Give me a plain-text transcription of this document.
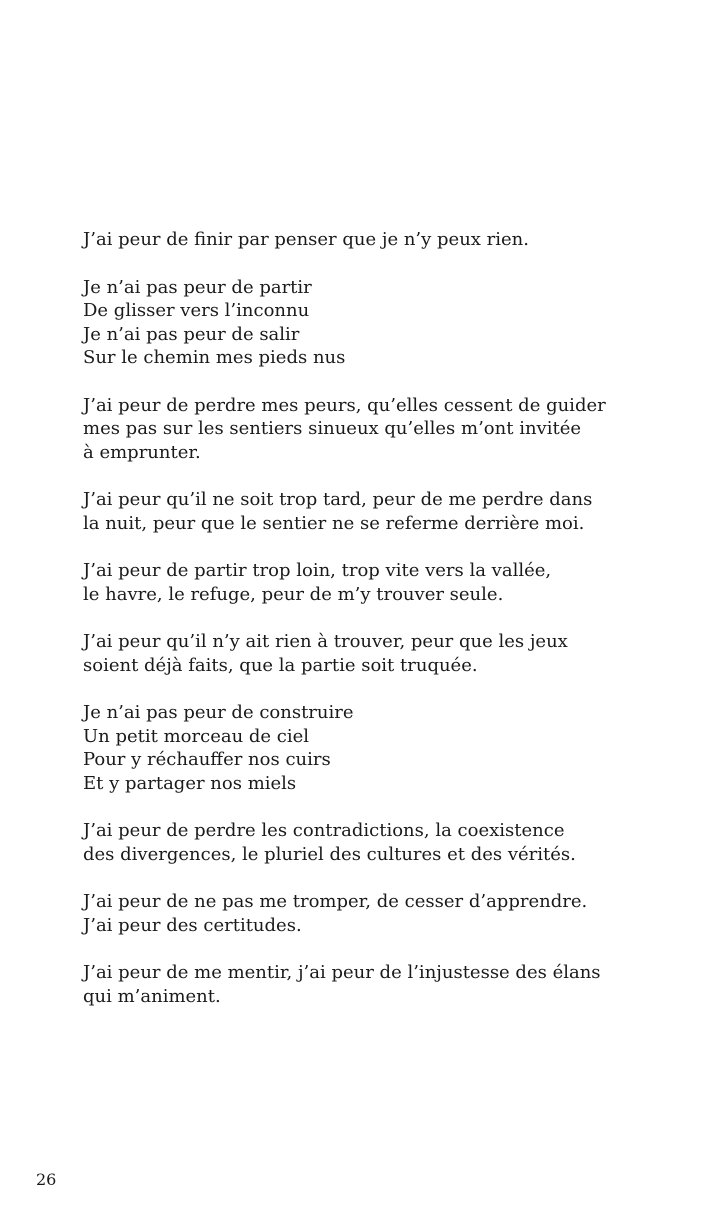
J’ai peur de finir par penser que je n’y peux rien.
Je n’ai pas peur de partir
De glisser vers l’inconnu
Je n’ai pas peur de salir
Sur le chemin mes pieds nus
J’ai peur de perdre mes peurs, qu’elles cessent de guider
mes pas sur les sentiers sinueux qu’elles m’ont invitée
à emprunter.
J’ai peur qu’il ne soit trop tard, peur de me perdre dans
la nuit, peur que le sentier ne se referme derrière moi.
J’ai peur de partir trop loin, trop vite vers la vallée,
le havre, le refuge, peur de m’y trouver seule.
J’ai peur qu’il n’y ait rien à trouver, peur que les jeux
soient déjà faits, que la partie soit truquée.
Je n’ai pas peur de construire
Un petit morceau de ciel
Pour y réchauffer nos cuirs
Et y partager nos miels
J’ai peur de perdre les contradictions, la coexistence
des divergences, le pluriel des cultures et des vérités.
J’ai peur de ne pas me tromper, de cesser d’apprendre.
J’ai peur des certitudes.
J’ai peur de me mentir, j’ai peur de l’injustesse des élans
qui m’animent.
26
